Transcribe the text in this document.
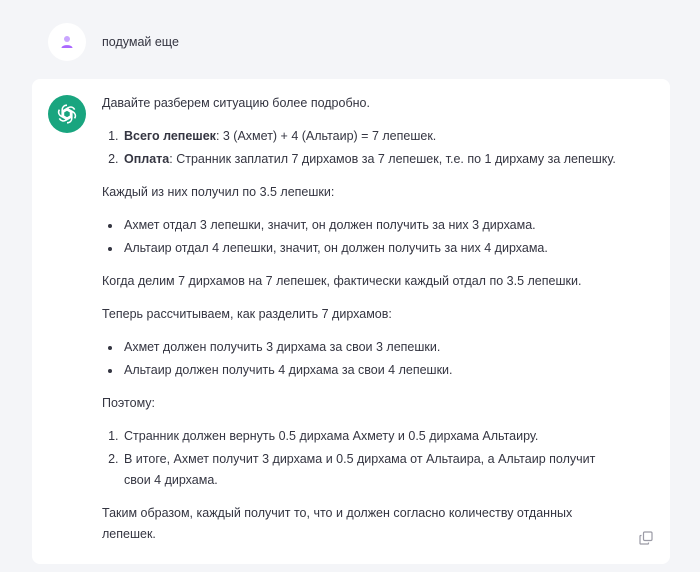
подумай еще

Давайте разберем ситуацию более подробно.

1. Всего лепешек: 3 (Ахмет) + 4 (Альтаир) = 7 лепешек.
2. Оплата: Странник заплатил 7 дирхамов за 7 лепешек, т.е. по 1 дирхаму за лепешку.

Каждый из них получил по 3.5 лепешки:

• Ахмет отдал 3 лепешки, значит, он должен получить за них 3 дирхама.
• Альтаир отдал 4 лепешки, значит, он должен получить за них 4 дирхама.

Когда делим 7 дирхамов на 7 лепешек, фактически каждый отдал по 3.5 лепешки.

Теперь рассчитываем, как разделить 7 дирхамов:

• Ахмет должен получить 3 дирхама за свои 3 лепешки.
• Альтаир должен получить 4 дирхама за свои 4 лепешки.

Поэтому:

1. Странник должен вернуть 0.5 дирхама Ахмету и 0.5 дирхама Альтаиру.
2. В итоге, Ахмет получит 3 дирхама и 0.5 дирхама от Альтаира, а Альтаир получит свои 4 дирхама.

Таким образом, каждый получит то, что и должен согласно количеству отданных лепешек.
